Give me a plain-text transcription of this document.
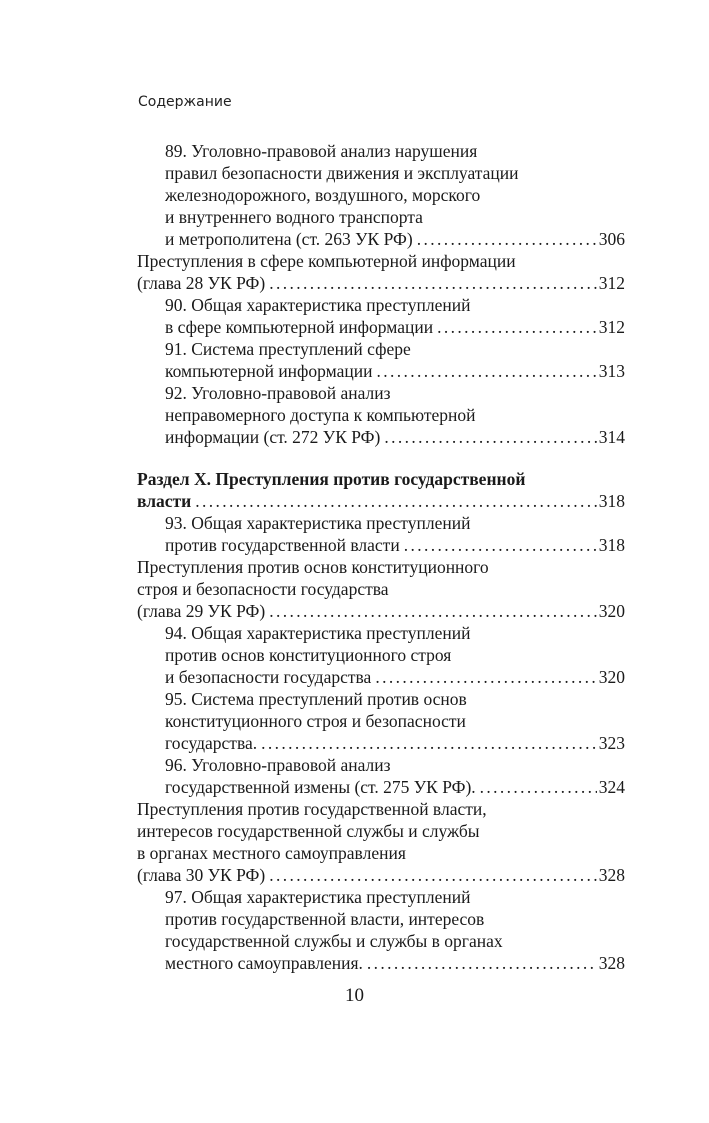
Содержание
89. Уголовно-правовой анализ нарушения
правил безопасности движения и эксплуатации
железнодорожного, воздушного, морского
и внутреннего водного транспорта
и метрополитена (ст. 263 УК РФ) . . .	306
Преступления в сфере компьютерной информации
(глава 28 УК РФ) . . .	312
90. Общая характеристика преступлений
в сфере компьютерной информации . . .	312
91. Система преступлений сфере
компьютерной информации . . .	313
92. Уголовно-правовой анализ
неправомерного доступа к компьютерной
информации (ст. 272 УК РФ) . . .	314
Раздел X. Преступления против государственной
власти . . .	318
93. Общая характеристика преступлений
против государственной власти . . .	318
Преступления против основ конституционного
строя и безопасности государства
(глава 29 УК РФ) . . .	320
94. Общая характеристика преступлений
против основ конституционного строя
и безопасности государства . . .	320
95. Система преступлений против основ
конституционного строя и безопасности
государства. . . .	323
96. Уголовно-правовой анализ
государственной измены (ст. 275 УК РФ). . . .	324
Преступления против государственной власти,
интересов государственной службы и службы
в органах местного самоуправления
(глава 30 УК РФ) . . .	328
97. Общая характеристика преступлений
против государственной власти, интересов
государственной службы и службы в органах
местного самоуправления. . . .	328
10
